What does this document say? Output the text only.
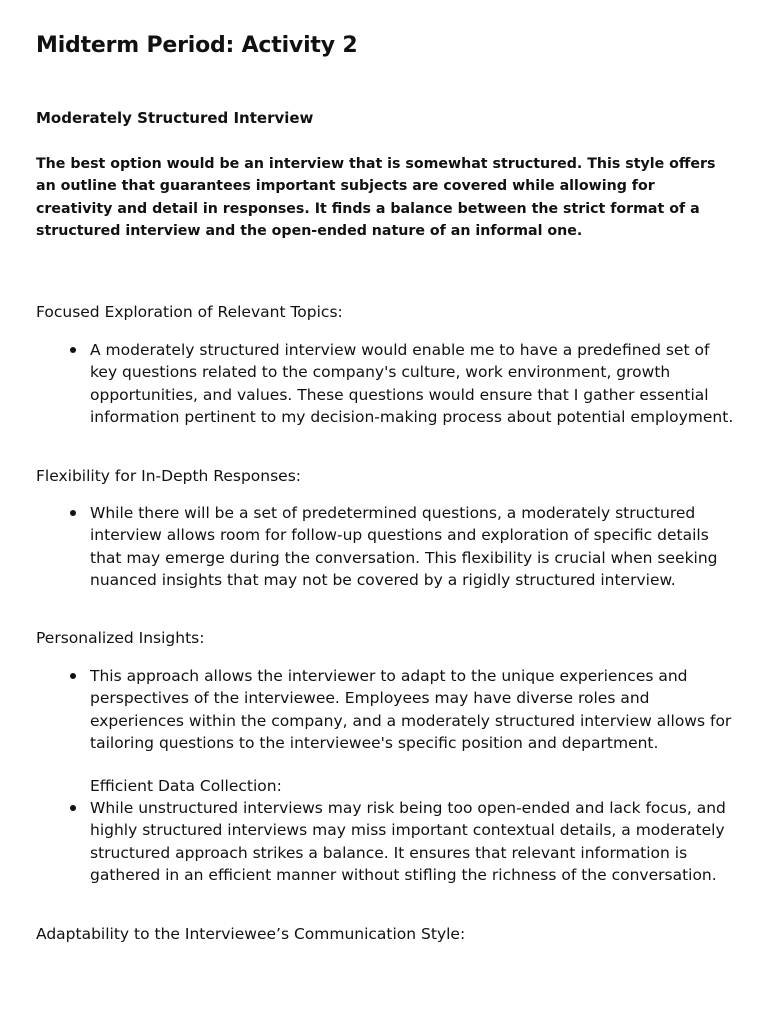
Midterm Period: Activity 2
Moderately Structured Interview

The best option would be an interview that is somewhat structured. This style offers an outline that guarantees important subjects are covered while allowing for creativity and detail in responses. It finds a balance between the strict format of a structured interview and the open-ended nature of an informal one.

Focused Exploration of Relevant Topics:
A moderately structured interview would enable me to have a predefined set of key questions related to the company's culture, work environment, growth opportunities, and values. These questions would ensure that I gather essential information pertinent to my decision-making process about potential employment.
Flexibility for In-Depth Responses:
While there will be a set of predetermined questions, a moderately structured interview allows room for follow-up questions and exploration of specific details that may emerge during the conversation. This flexibility is crucial when seeking nuanced insights that may not be covered by a rigidly structured interview.
Personalized Insights:
This approach allows the interviewer to adapt to the unique experiences and perspectives of the interviewee. Employees may have diverse roles and experiences within the company, and a moderately structured interview allows for tailoring questions to the interviewee's specific position and department.
Efficient Data Collection:
While unstructured interviews may risk being too open-ended and lack focus, and highly structured interviews may miss important contextual details, a moderately structured approach strikes a balance. It ensures that relevant information is gathered in an efficient manner without stifling the richness of the conversation.
Adaptability to the Interviewee’s Communication Style:
